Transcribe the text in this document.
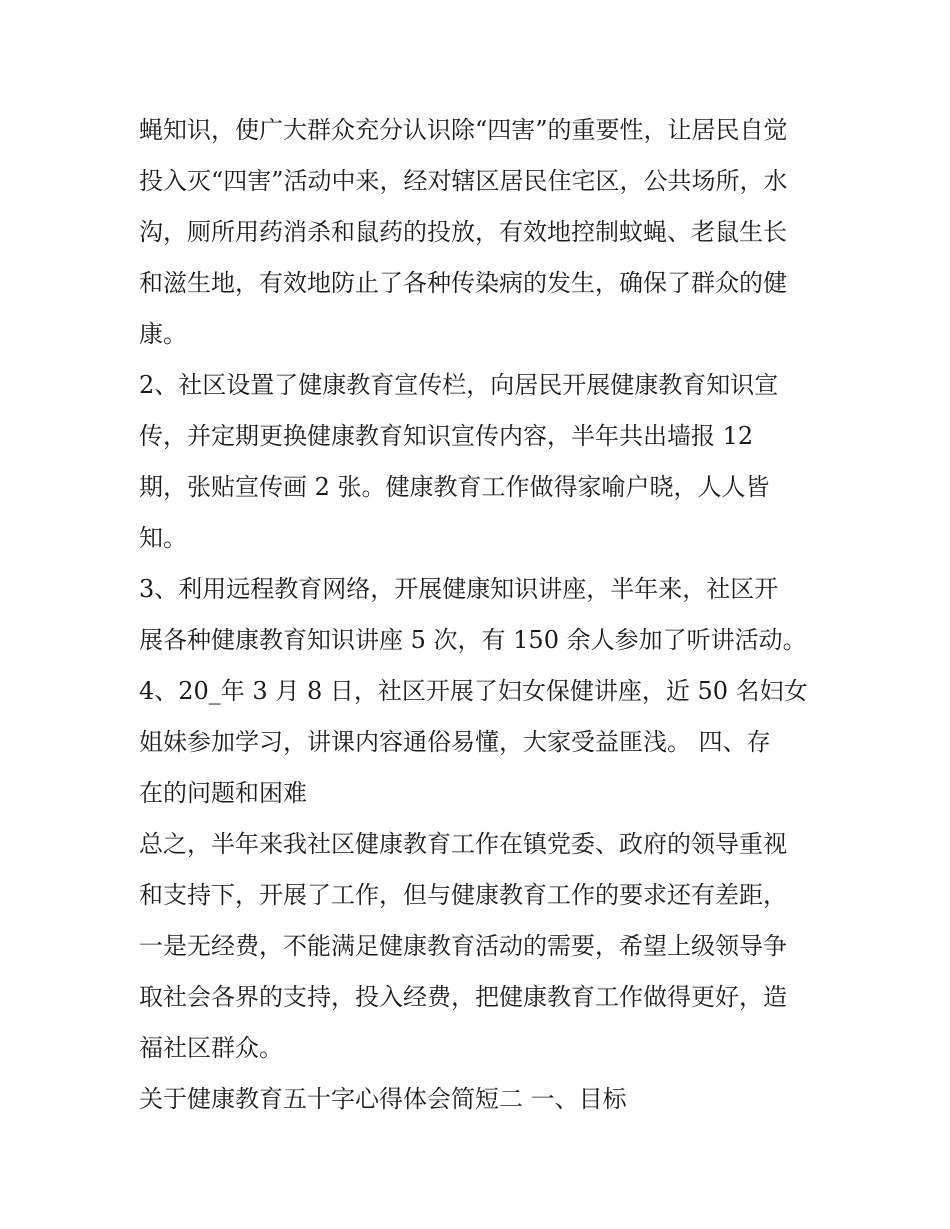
蝇知识，使广大群众充分认识除“四害”的重要性，让居民自觉
投入灭“四害”活动中来，经对辖区居民住宅区，公共场所，水
沟，厕所用药消杀和鼠药的投放，有效地控制蚊蝇、老鼠生长
和滋生地，有效地防止了各种传染病的发生，确保了群众的健
康。
2、社区设置了健康教育宣传栏，向居民开展健康教育知识宣
传，并定期更换健康教育知识宣传内容，半年共出墙报 12
期，张贴宣传画 2 张。健康教育工作做得家喻户晓，人人皆
知。
3、利用远程教育网络，开展健康知识讲座，半年来，社区开
展各种健康教育知识讲座 5 次，有 150 余人参加了听讲活动。
4、20_年 3 月 8 日，社区开展了妇女保健讲座，近 50 名妇女
姐妹参加学习，讲课内容通俗易懂，大家受益匪浅。 四、存
在的问题和困难
总之，半年来我社区健康教育工作在镇党委、政府的领导重视
和支持下，开展了工作，但与健康教育工作的要求还有差距，
一是无经费，不能满足健康教育活动的需要，希望上级领导争
取社会各界的支持，投入经费，把健康教育工作做得更好，造
福社区群众。
关于健康教育五十字心得体会简短二 一、目标
